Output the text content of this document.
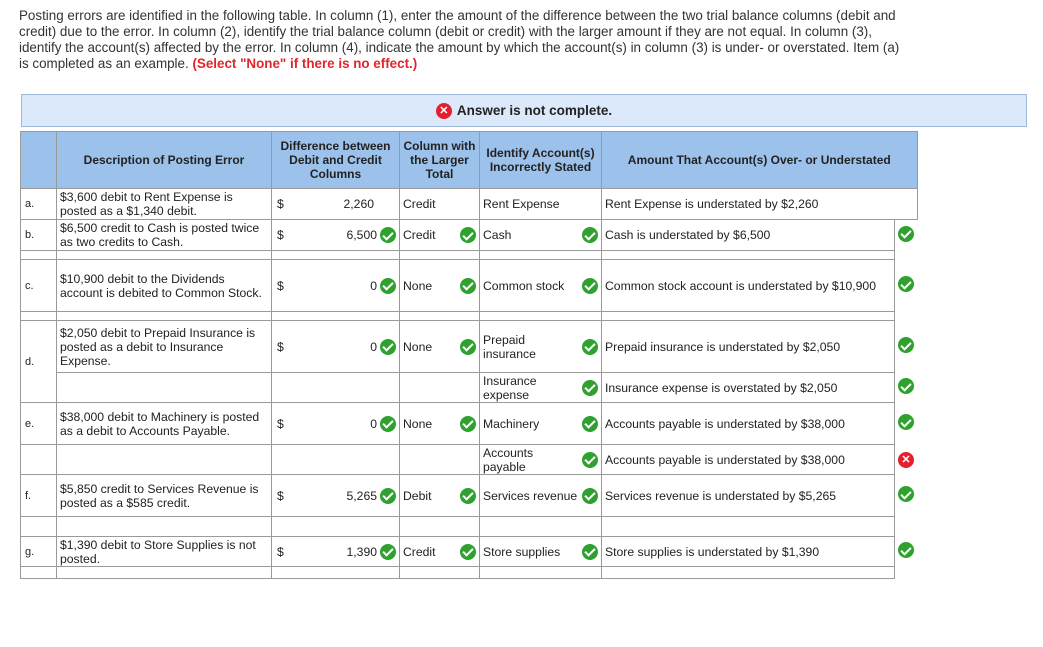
Posting errors are identified in the following table. In column (1), enter the amount of the difference between the two trial balance columns (debit and credit) due to the error. In column (2), identify the trial balance column (debit or credit) with the larger amount if they are not equal. In column (3), identify the account(s) affected by the error. In column (4), indicate the amount by which the account(s) in column (3) is under- or overstated. Item (a) is completed as an example. (Select "None" if there is no effect.)
✕ Answer is not complete.
	Description of Posting Error	Difference between Debit and Credit Columns	Column with the Larger Total	Identify Account(s) Incorrectly Stated	Amount That Account(s) Over- or Understated	
a.	$3,600 debit to Rent Expense is posted as a $1,340 debit.	$ 2,260	Credit	Rent Expense	Rent Expense is understated by $2,260	
b.	$6,500 credit to Cash is posted twice as two credits to Cash.	$ 6,500	Credit	Cash	Cash is understated by $6,500	

c.	$10,900 debit to the Dividends account is debited to Common Stock.	$ 0	None	Common stock	Common stock account is understated by $10,900	

d.	$2,050 debit to Prepaid Insurance is posted as a debit to Insurance Expense.	$ 0	None	Prepaid insurance	Prepaid insurance is understated by $2,050	

				Insurance expense	Insurance expense is overstated by $2,050	
e.	$38,000 debit to Machinery is posted as a debit to Accounts Payable.	$ 0	None	Machinery	Accounts payable is understated by $38,000	

				Accounts payable	Accounts payable is understated by $38,000	✕
f.	$5,850 credit to Services Revenue is posted as a $585 credit.	$ 5,265	Debit	Services revenue	Services revenue is understated by $5,265	

g.	$1,390 debit to Store Supplies is not posted.	$ 1,390	Credit	Store supplies	Store supplies is understated by $1,390	
